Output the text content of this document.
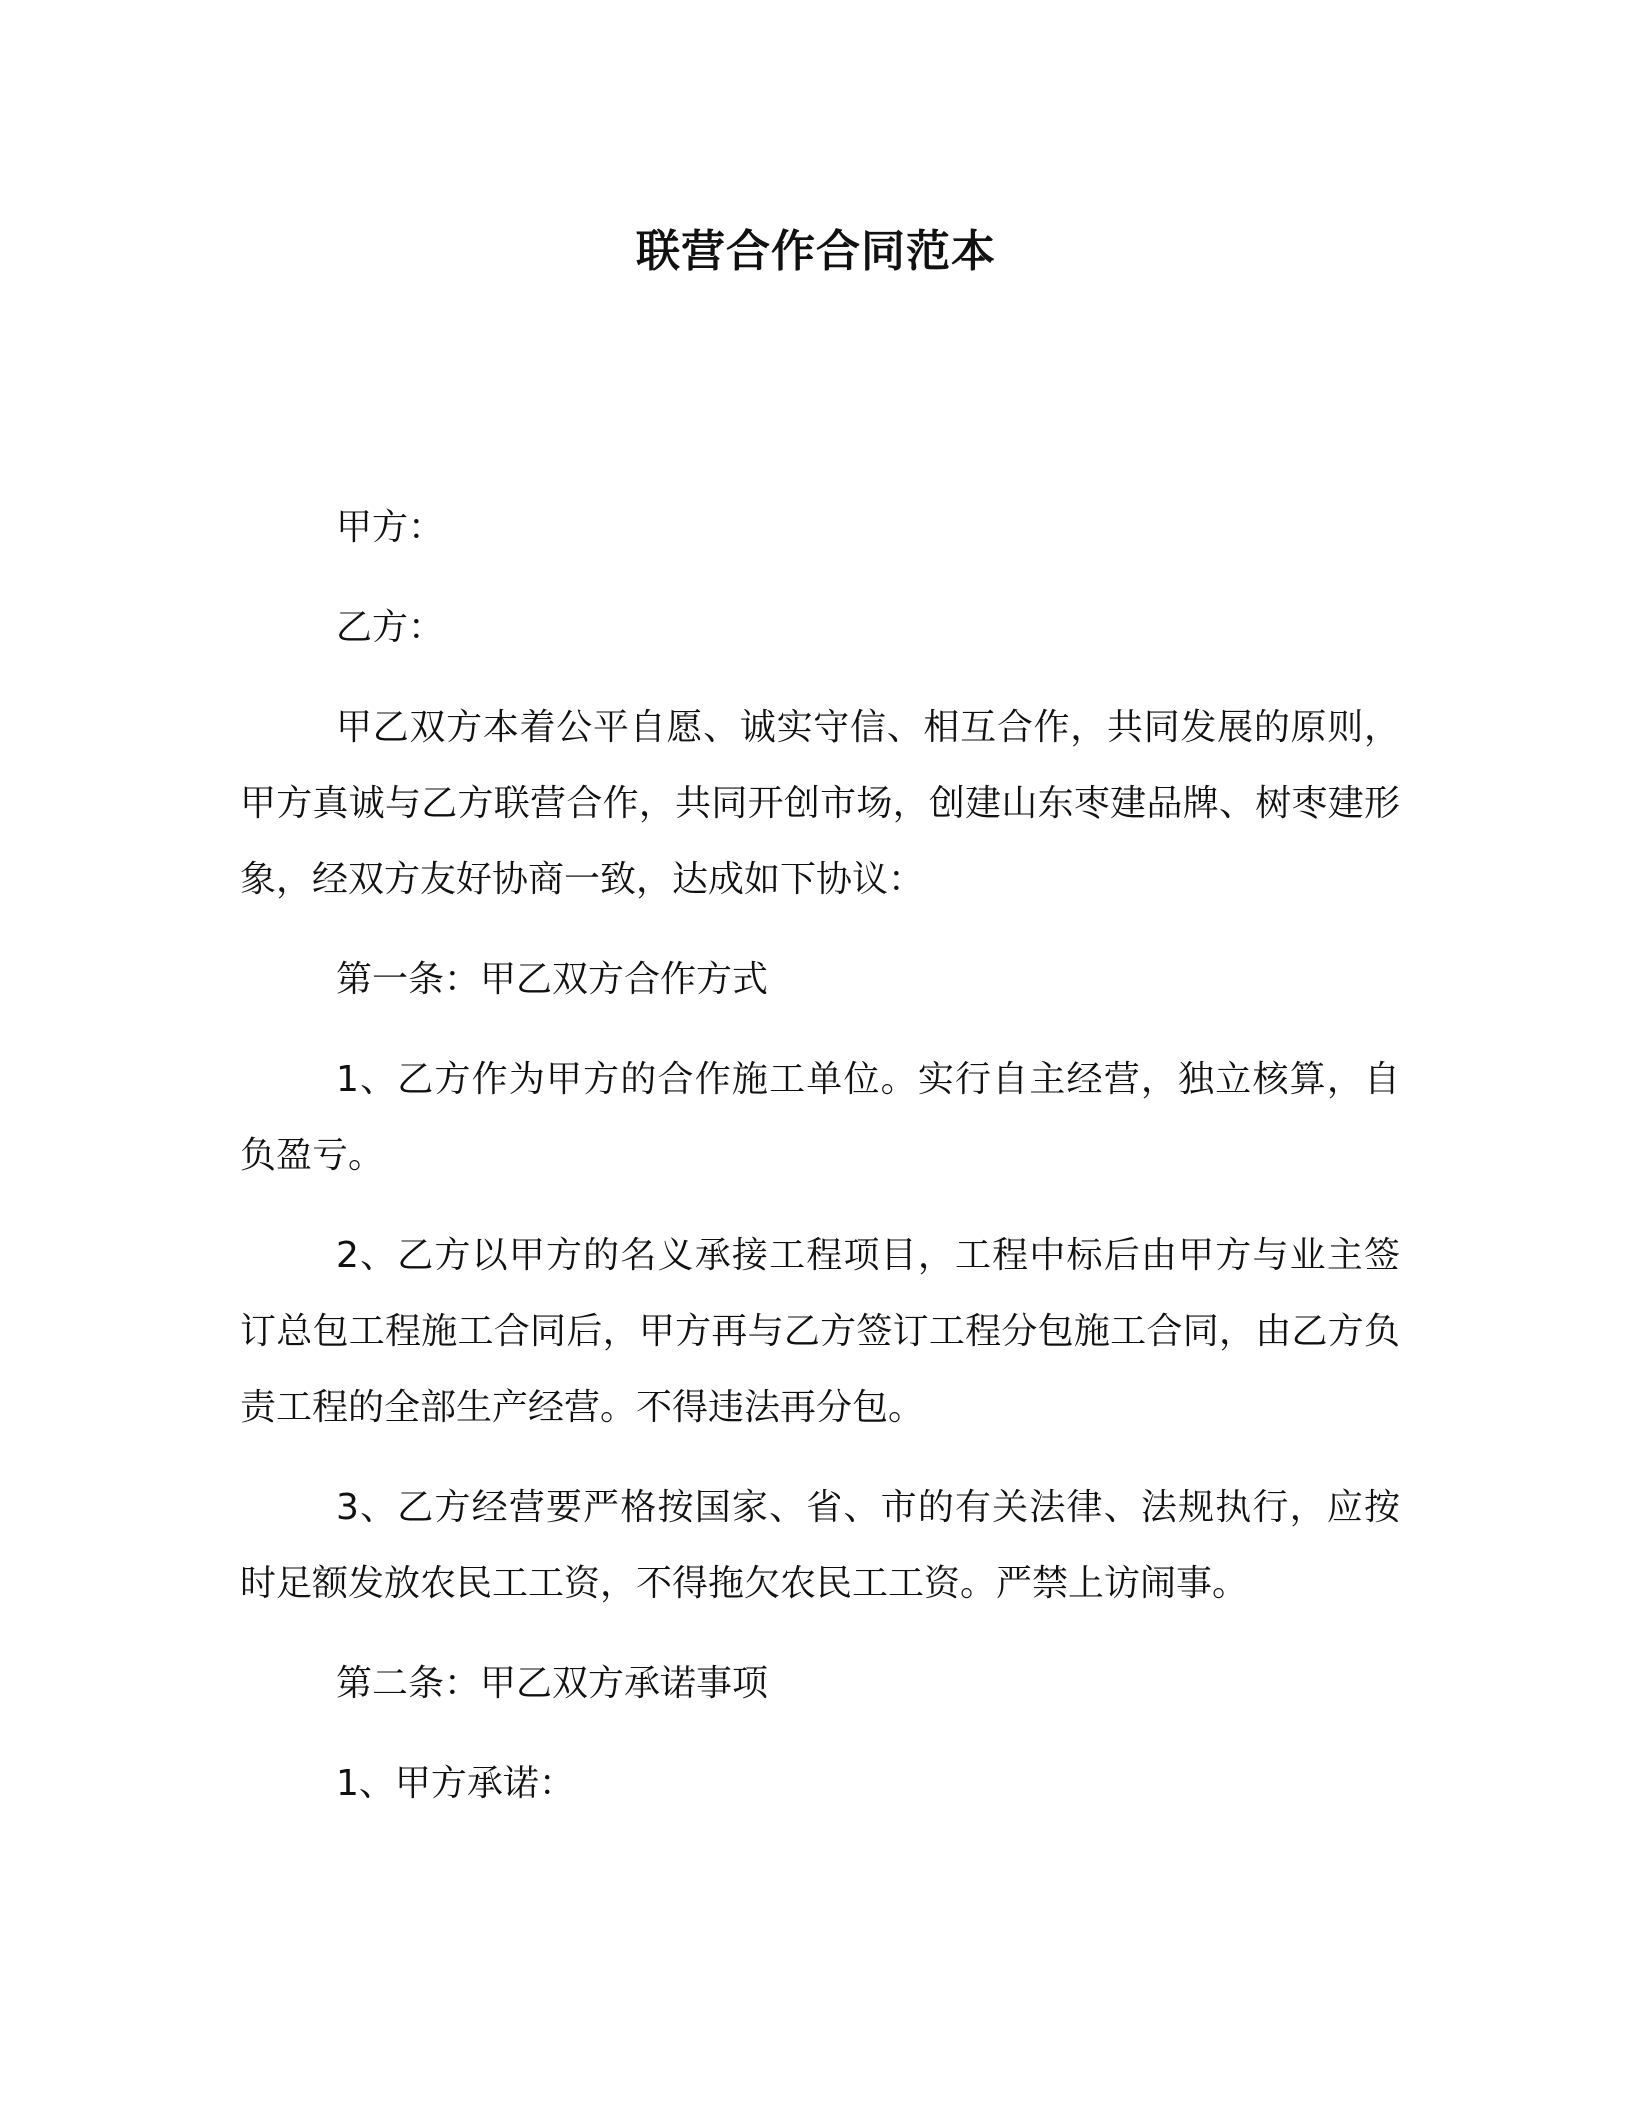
联营合作合同范本

甲方：

乙方：

甲乙双方本着公平自愿、诚实守信、相互合作，共同发展的原则，甲方真诚与乙方联营合作，共同开创市场，创建山东枣建品牌、树枣建形象，经双方友好协商一致，达成如下协议：

第一条：甲乙双方合作方式

1、乙方作为甲方的合作施工单位。实行自主经营，独立核算，自负盈亏。

2、乙方以甲方的名义承接工程项目，工程中标后由甲方与业主签订总包工程施工合同后，甲方再与乙方签订工程分包施工合同，由乙方负责工程的全部生产经营。不得违法再分包。

3、乙方经营要严格按国家、省、市的有关法律、法规执行，应按时足额发放农民工工资，不得拖欠农民工工资。严禁上访闹事。

第二条：甲乙双方承诺事项

1、甲方承诺：
